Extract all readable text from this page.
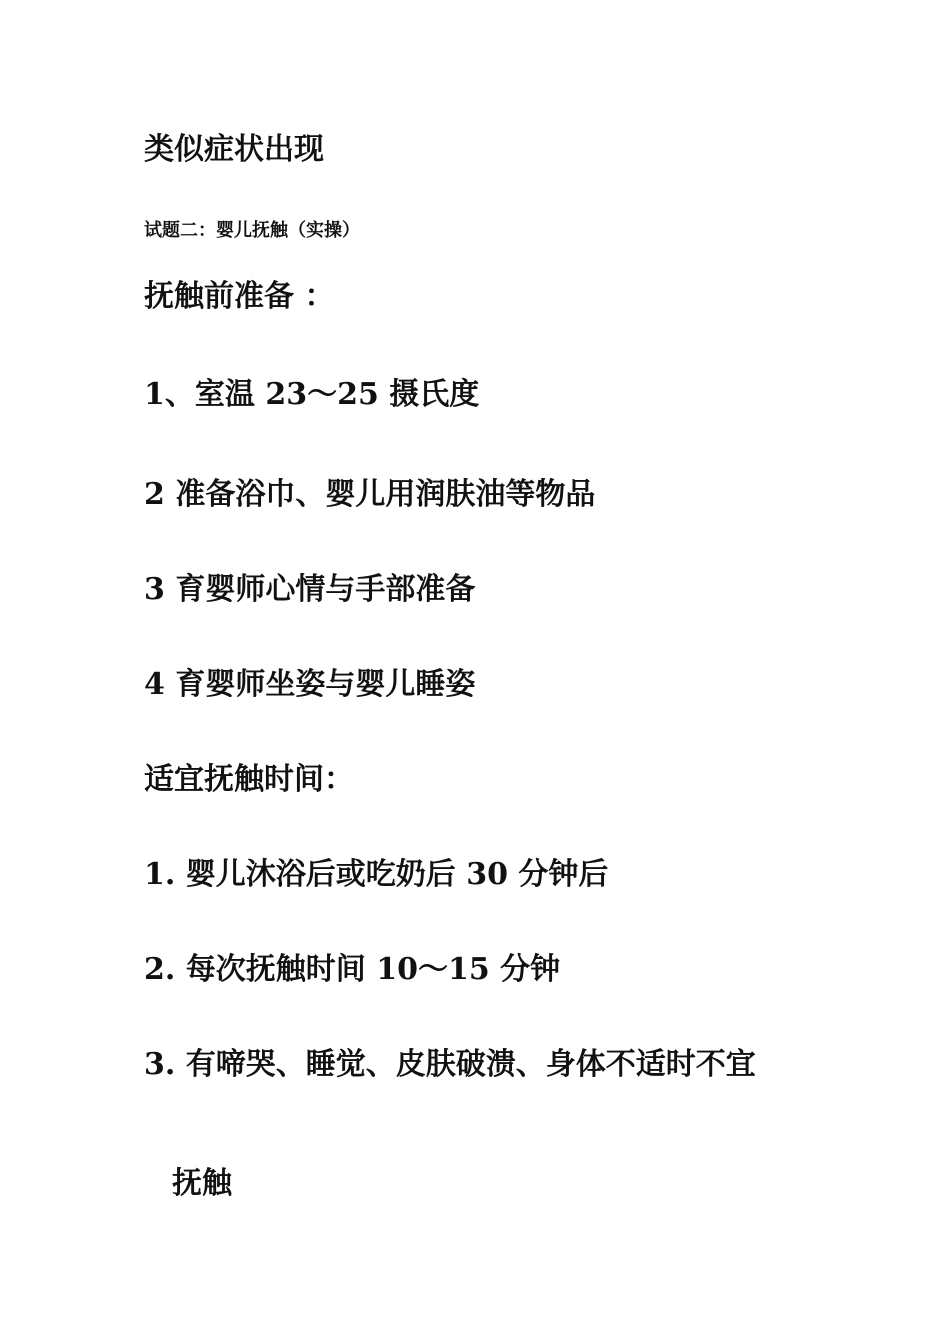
类似症状出现

试题二：婴儿抚触（实操）

抚触前准备 ：

1、室温 23～25 摄氏度

2 准备浴巾、婴儿用润肤油等物品

3 育婴师心情与手部准备

4 育婴师坐姿与婴儿睡姿

适宜抚触时间：

1. 婴儿沐浴后或吃奶后 30 分钟后

2. 每次抚触时间 10～15 分钟

3. 有啼哭、睡觉、皮肤破溃、身体不适时不宜

抚触
